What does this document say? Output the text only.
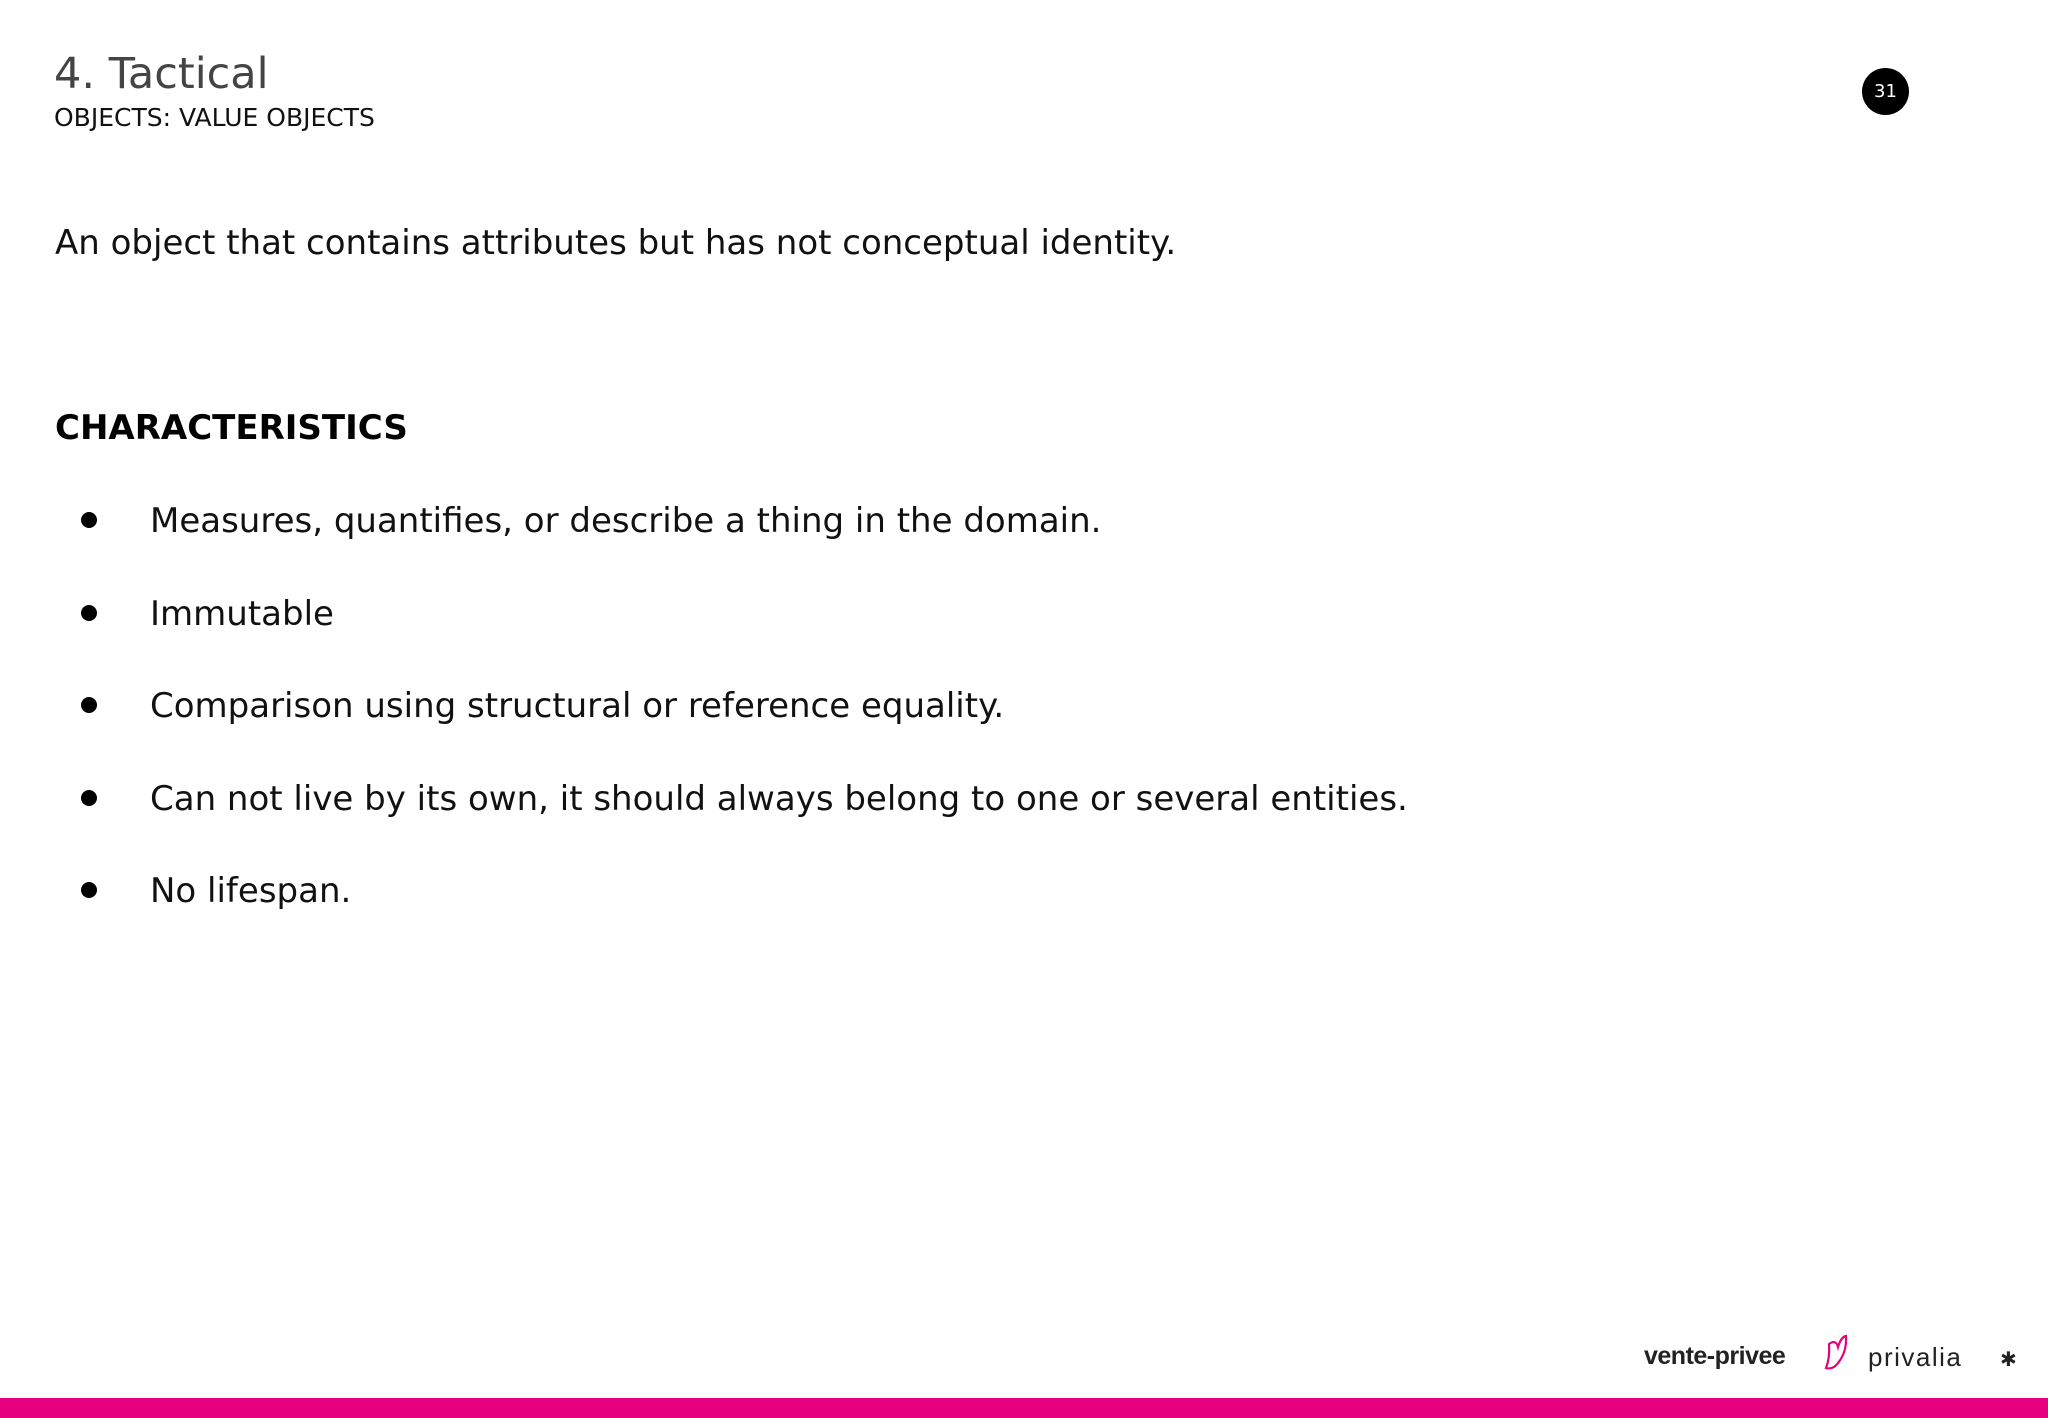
4. Tactical
OBJECTS: VALUE OBJECTS
31

An object that contains attributes but has not conceptual identity.

CHARACTERISTICS
Measures, quantifies, or describe a thing in the domain.
Immutable
Comparison using structural or reference equality.
Can not live by its own, it should always belong to one or several entities.
No lifespan.
vente-privee	privalia ✱
